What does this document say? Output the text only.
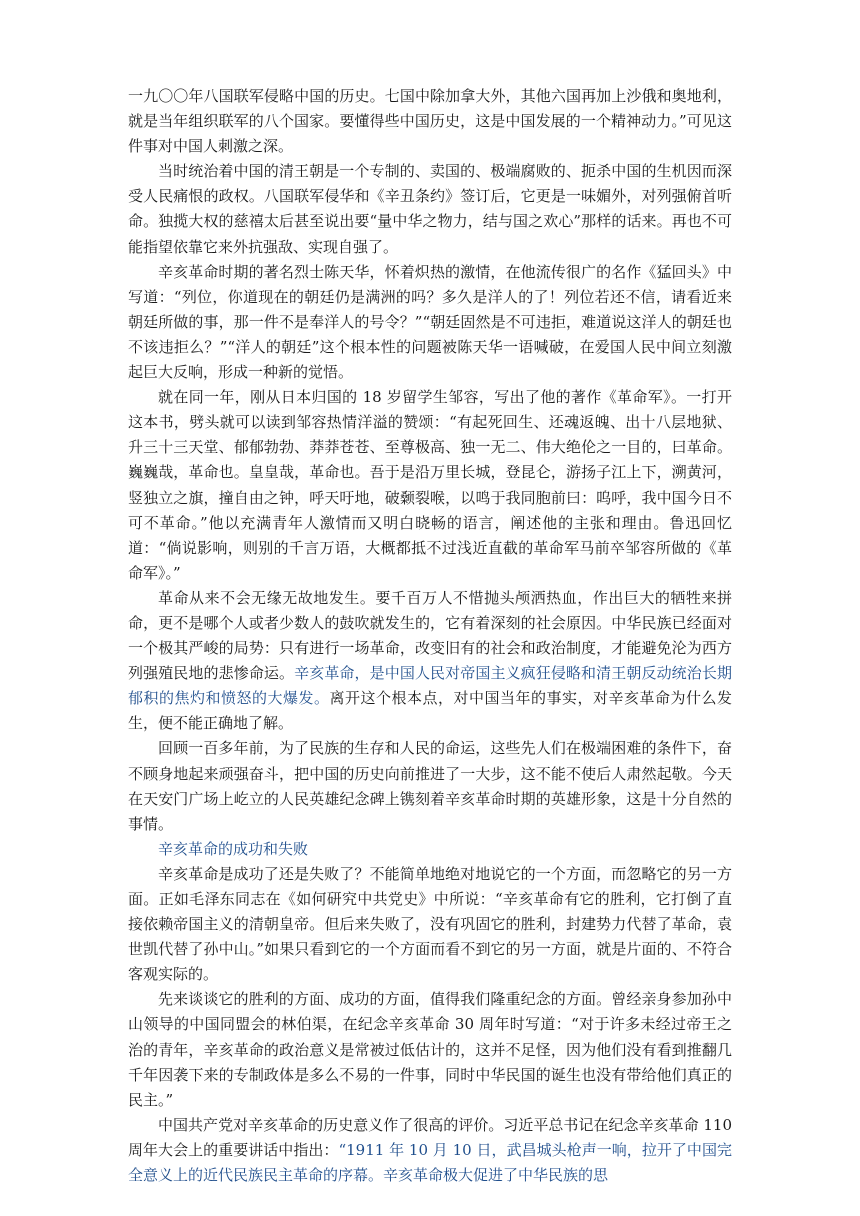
一九〇〇年八国联军侵略中国的历史。七国中除加拿大外，其他六国再加上沙俄和奥地利，就是当年组织联军的八个国家。要懂得些中国历史，这是中国发展的一个精神动力。”可见这件事对中国人刺激之深。

当时统治着中国的清王朝是一个专制的、卖国的、极端腐败的、扼杀中国的生机因而深受人民痛恨的政权。八国联军侵华和《辛丑条约》签订后，它更是一味媚外，对列强俯首听命。独揽大权的慈禧太后甚至说出要“量中华之物力，结与国之欢心”那样的话来。再也不可能指望依靠它来外抗强敌、实现自强了。

辛亥革命时期的著名烈士陈天华，怀着炽热的激情，在他流传很广的名作《猛回头》中写道：“列位，你道现在的朝廷仍是满洲的吗？多久是洋人的了！列位若还不信，请看近来朝廷所做的事，那一件不是奉洋人的号令？”“朝廷固然是不可违拒，难道说这洋人的朝廷也不该违拒么？”“洋人的朝廷”这个根本性的问题被陈天华一语喊破，在爱国人民中间立刻激起巨大反响，形成一种新的觉悟。

就在同一年，刚从日本归国的 18 岁留学生邹容，写出了他的著作《革命军》。一打开这本书，劈头就可以读到邹容热情洋溢的赞颂：“有起死回生、还魂返魄、出十八层地狱、升三十三天堂、郁郁勃勃、莽莽苍苍、至尊极高、独一无二、伟大绝伦之一目的，曰革命。巍巍哉，革命也。皇皇哉，革命也。吾于是沿万里长城，登昆仑，游扬子江上下，溯黄河，竖独立之旗，撞自由之钟，呼天吁地，破颡裂喉，以鸣于我同胞前曰：呜呼，我中国今日不可不革命。”他以充满青年人激情而又明白晓畅的语言，阐述他的主张和理由。鲁迅回忆道：“倘说影响，则别的千言万语，大概都抵不过浅近直截的革命军马前卒邹容所做的《革命军》。”

革命从来不会无缘无故地发生。要千百万人不惜抛头颅洒热血，作出巨大的牺牲来拼命，更不是哪个人或者少数人的鼓吹就发生的，它有着深刻的社会原因。中华民族已经面对一个极其严峻的局势：只有进行一场革命，改变旧有的社会和政治制度，才能避免沦为西方列强殖民地的悲惨命运。辛亥革命，是中国人民对帝国主义疯狂侵略和清王朝反动统治长期郁积的焦灼和愤怒的大爆发。离开这个根本点，对中国当年的事实，对辛亥革命为什么发生，便不能正确地了解。

回顾一百多年前，为了民族的生存和人民的命运，这些先人们在极端困难的条件下，奋不顾身地起来顽强奋斗，把中国的历史向前推进了一大步，这不能不使后人肃然起敬。今天在天安门广场上屹立的人民英雄纪念碑上镌刻着辛亥革命时期的英雄形象，这是十分自然的事情。

辛亥革命的成功和失败

辛亥革命是成功了还是失败了？不能简单地绝对地说它的一个方面，而忽略它的另一方面。正如毛泽东同志在《如何研究中共党史》中所说：“辛亥革命有它的胜利，它打倒了直接依赖帝国主义的清朝皇帝。但后来失败了，没有巩固它的胜利，封建势力代替了革命，袁世凯代替了孙中山。”如果只看到它的一个方面而看不到它的另一方面，就是片面的、不符合客观实际的。

先来谈谈它的胜利的方面、成功的方面，值得我们隆重纪念的方面。曾经亲身参加孙中山领导的中国同盟会的林伯渠，在纪念辛亥革命 30 周年时写道：“对于许多未经过帝王之治的青年，辛亥革命的政治意义是常被过低估计的，这并不足怪，因为他们没有看到推翻几千年因袭下来的专制政体是多么不易的一件事，同时中华民国的诞生也没有带给他们真正的民主。”

中国共产党对辛亥革命的历史意义作了很高的评价。习近平总书记在纪念辛亥革命 110 周年大会上的重要讲话中指出：“1911 年 10 月 10 日，武昌城头枪声一响，拉开了中国完全意义上的近代民族民主革命的序幕。辛亥革命极大促进了中华民族的思
